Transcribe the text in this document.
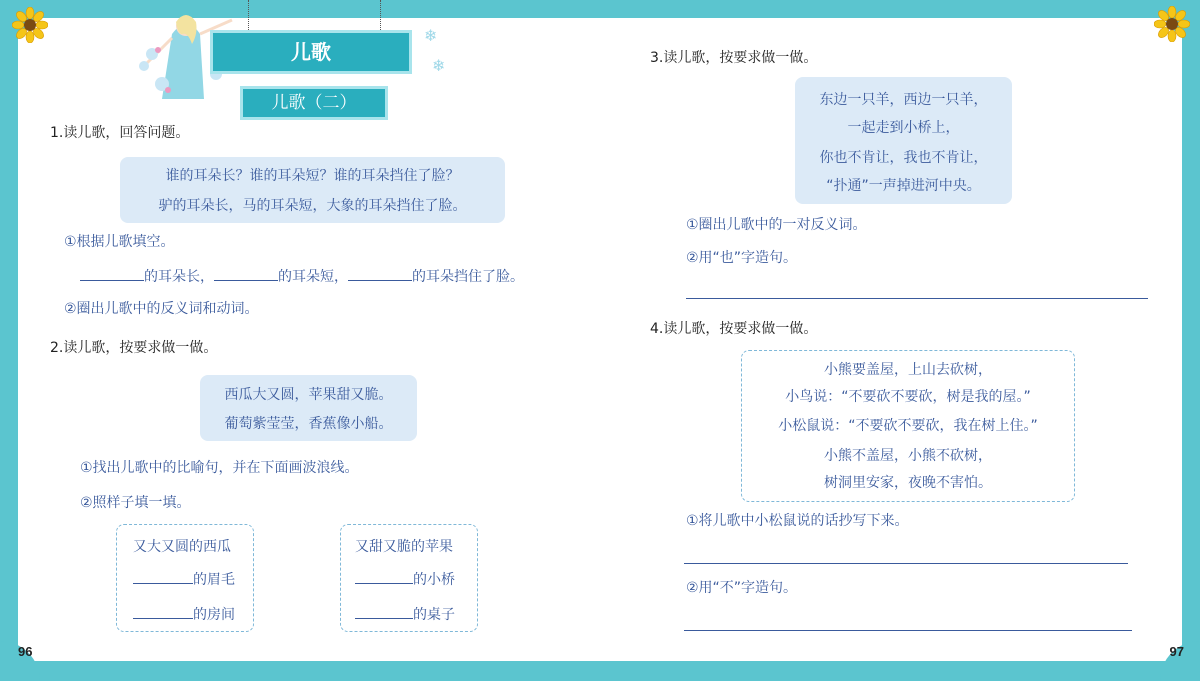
96	97
❄
❄
儿歌
儿歌（二）
1.读儿歌，回答问题。
谁的耳朵长？谁的耳朵短？谁的耳朵挡住了脸？
驴的耳朵长，马的耳朵短，大象的耳朵挡住了脸。
①根据儿歌填空。
的耳朵长，	的耳朵短，	的耳朵挡住了脸。
②圈出儿歌中的反义词和动词。
2.读儿歌，按要求做一做。
西瓜大又圆，苹果甜又脆。
葡萄紫莹莹，香蕉像小船。
①找出儿歌中的比喻句，并在下面画波浪线。
②照样子填一填。
又大又圆的西瓜
的眉毛
的房间
又甜又脆的苹果
的小桥
的桌子
3.读儿歌，按要求做一做。
东边一只羊，西边一只羊，
一起走到小桥上，
你也不肯让，我也不肯让，
“扑通”一声掉进河中央。
①圈出儿歌中的一对反义词。
②用“也”字造句。
4.读儿歌，按要求做一做。
小熊要盖屋，上山去砍树，
小鸟说：“不要砍不要砍，树是我的屋。”
小松鼠说：“不要砍不要砍，我在树上住。”
小熊不盖屋，小熊不砍树，
树洞里安家，夜晚不害怕。
①将儿歌中小松鼠说的话抄写下来。
②用“不”字造句。
